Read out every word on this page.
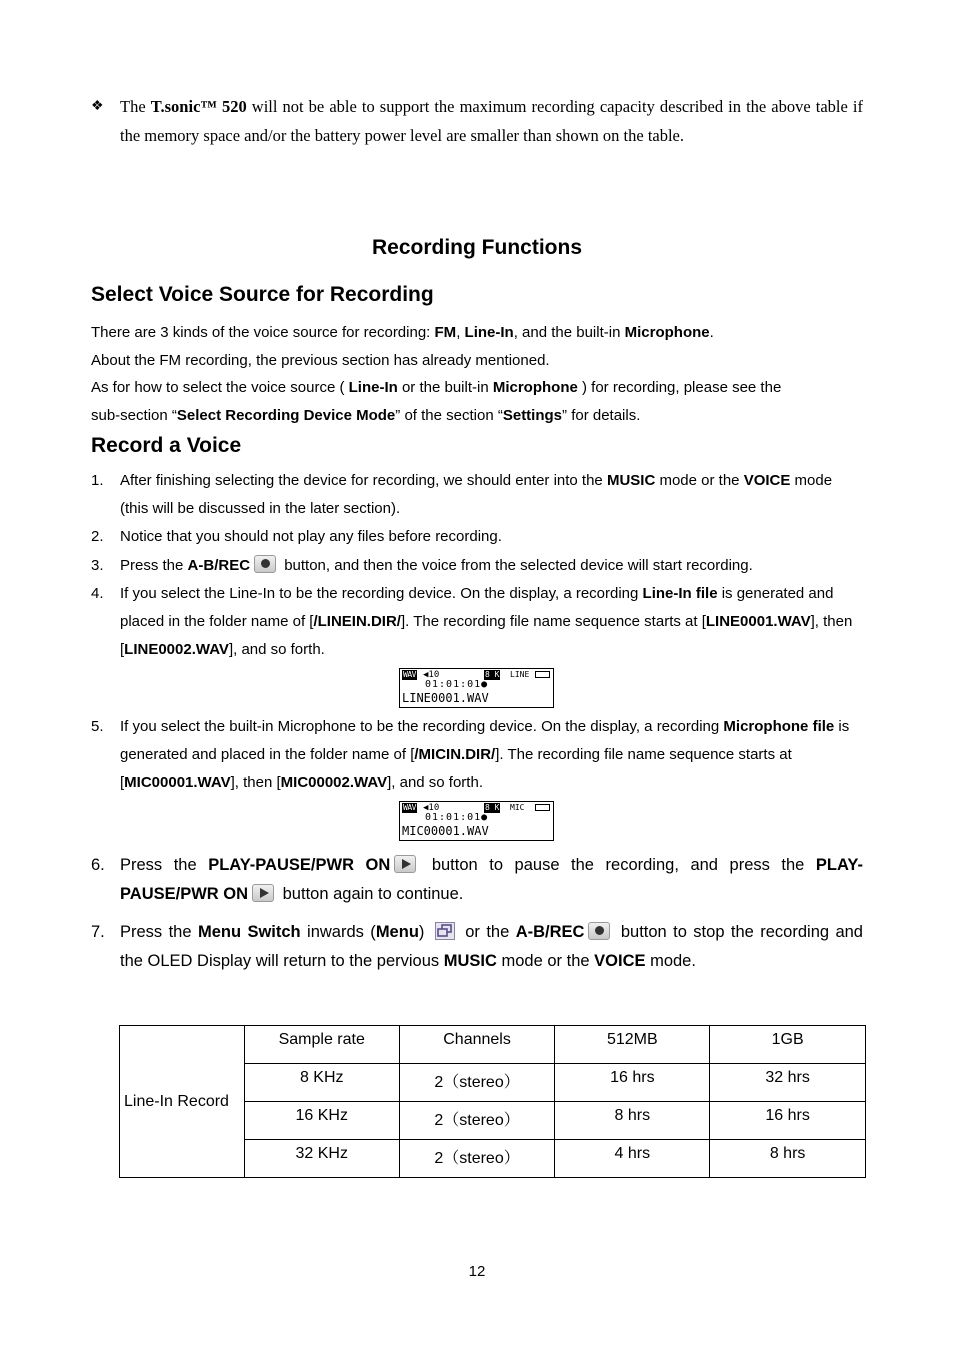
❖ The T.sonic™ 520 will not be able to support the maximum recording capacity described in the above table if the memory space and/or the battery power level are smaller than shown on the table.
Recording Functions
Select Voice Source for Recording
There are 3 kinds of the voice source for recording: FM, Line-In, and the built-in Microphone.
About the FM recording, the previous section has already mentioned.
As for how to select the voice source ( Line-In or the built-in Microphone ) for recording, please see the
sub-section “Select Recording Device Mode” of the section “Settings” for details.
Record a Voice
1.	After finishing selecting the device for recording, we should enter into the MUSIC mode or the VOICE mode (this will be discussed in the later section).
2.	Notice that you should not play any files before recording.
3.	Press the A-B/REC
button, and then the voice from the selected device will start recording.
4.	If you select the Line-In to be the recording device. On the display, a recording Line-In file is generated and placed in the folder name of [/LINEIN.DIR/]. The recording file name sequence starts at [LINE0001.WAV], then [LINE0002.WAV], and so forth.
5.	If you select the built-in Microphone to be the recording device. On the display, a recording Microphone file is generated and placed in the folder name of [/MICIN.DIR/]. The recording file name sequence starts at [MIC00001.WAV], then [MIC00002.WAV], and so forth.
6. Press the PLAY-PAUSE/PWR ON
button to pause the recording, and press the PLAY-PAUSE/PWR ON
button again to continue.
7. Press the Menu Switch inwards (Menu)
or the A-B/REC
button to stop the recording and the OLED Display will return to the pervious MUSIC mode or the VOICE mode.
WAV ◀10	8 K LINE
01:01:01●
LINE0001.WAV
WAV ◀10	8 K MIC
01:01:01●
MIC00001.WAV
Line-In Record	Sample rate	Channels	512MB	1GB
	8 KHz	2（stereo）	16 hrs	32 hrs
	16 KHz	2（stereo）	8 hrs	16 hrs
	32 KHz	2（stereo）	4 hrs	8 hrs
12
